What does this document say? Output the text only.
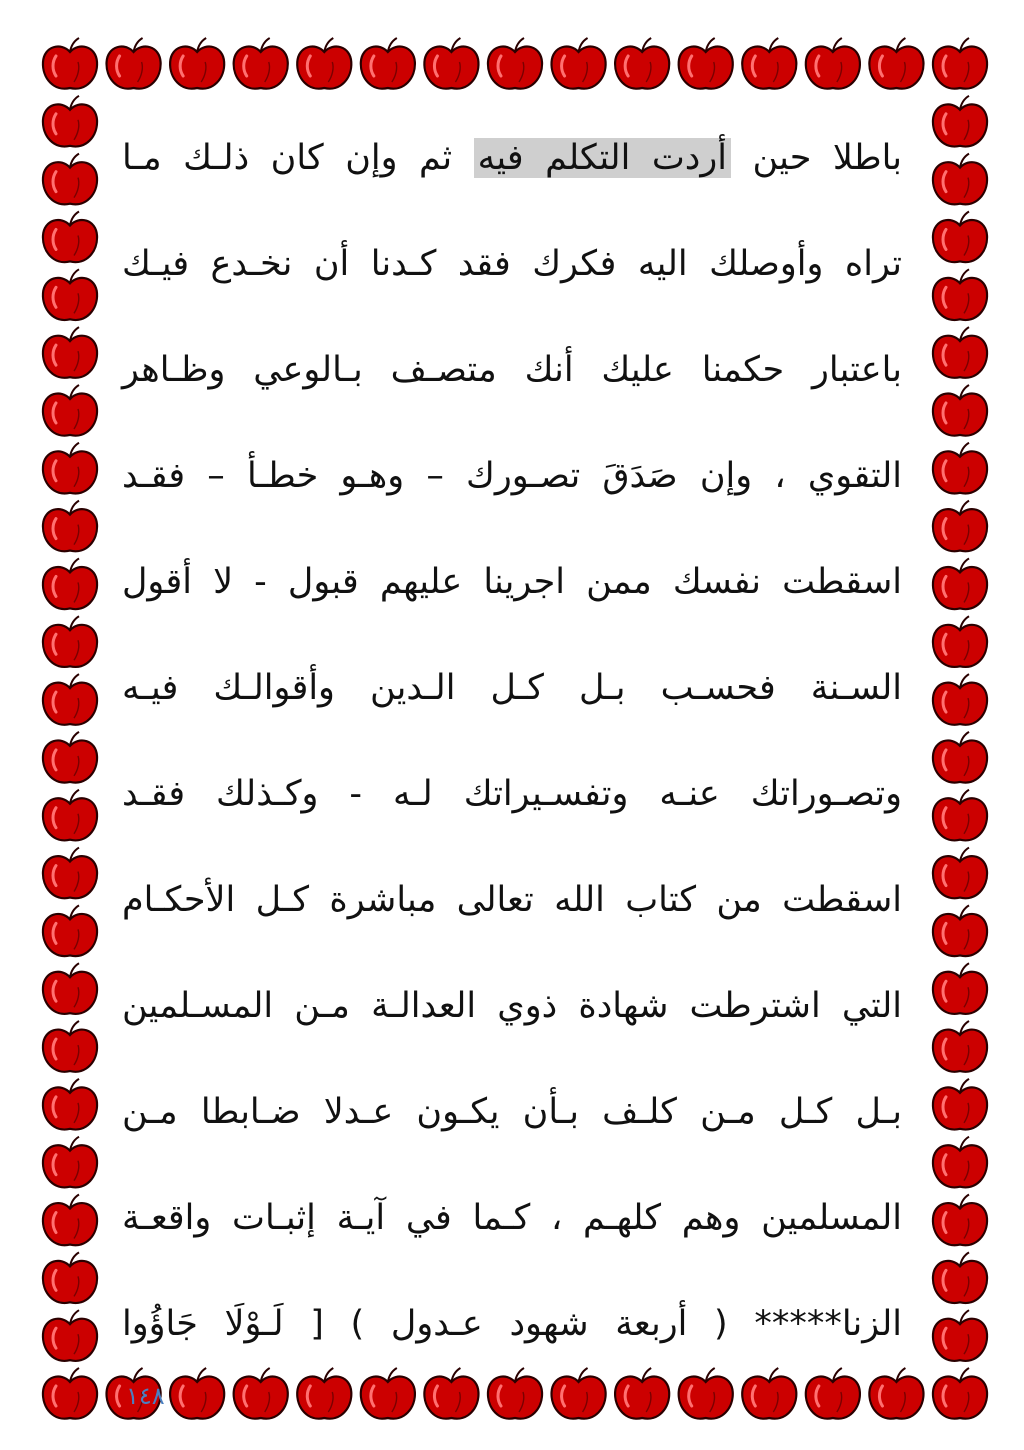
باطلا حين أردت التكلم فيه ثم وإن كان ذلـك مـا
تراه وأوصلك اليه فكرك فقد كـدنا أن نخـدع فيـك
باعتبار حكمنا عليك أنك متصـف بـالوعي وظـاهر
التقوي ، وإن صَدَقَ تصـورك – وهـو خطـأ – فقـد
اسقطت نفسك ممن اجرينا عليهم قبول - لا أقول
السـنة فحسـب بـل كـل الـدين وأقوالـك فيـه
وتصـوراتك عنـه وتفسـيراتك لـه - وكـذلك فقـد
اسقطت من كتاب الله تعالى مباشرة كـل الأحكـام
التي اشترطت شهادة ذوي العدالـة مـن المسـلمين
بـل كـل مـن كلـف بـأن يكـون عـدلا ضـابطا مـن
المسلمين وهم كلهـم ، كـما في آيـة إثبـات واقعـة
الزنا***** ( أربعة شهود عـدول ) [ لَـوْلَا جَاؤُوا
١٤٨
